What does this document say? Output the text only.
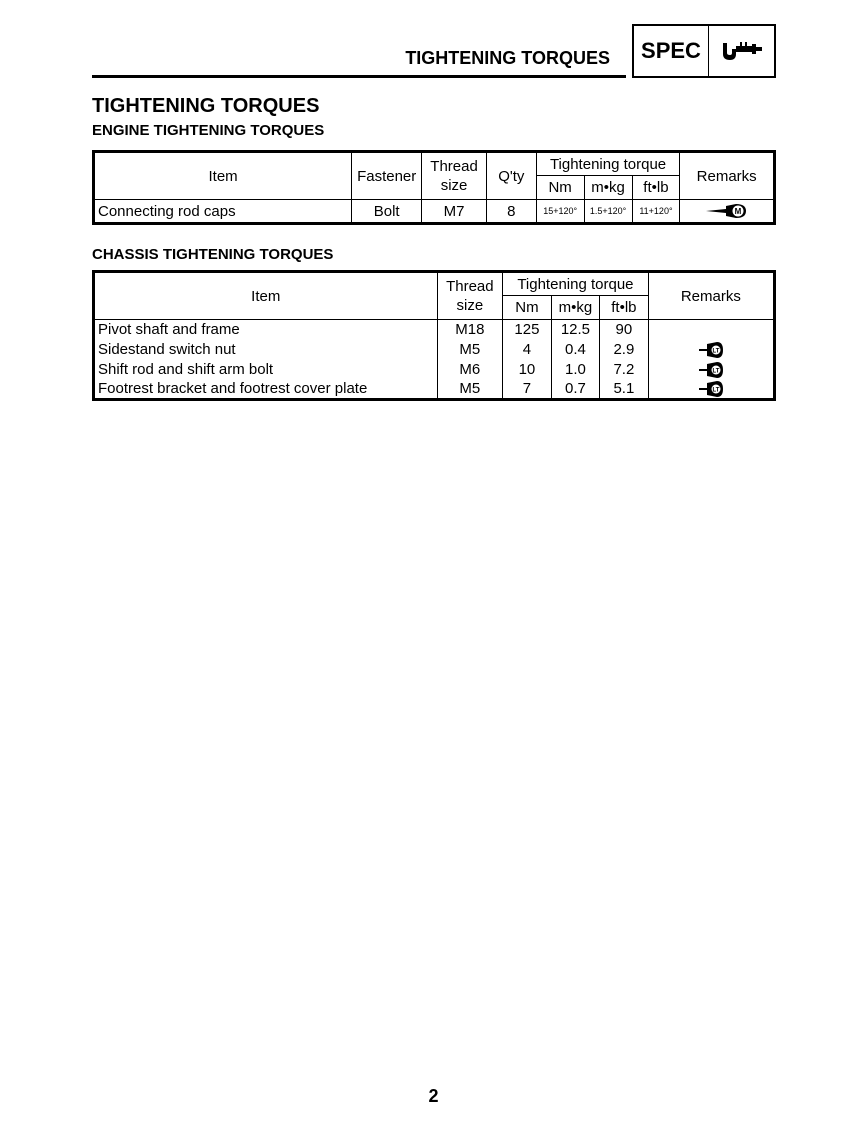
TIGHTENING TORQUES	SPEC
TIGHTENING TORQUES
ENGINE TIGHTENING TORQUES
Item	Fastener	Thread size	Q'ty	Tightening torque			Remarks
				Nm	m•kg	ft•lb	
Connecting rod caps	Bolt	M7	8	15+120°	1.5+120°	11+120°	M
CHASSIS TIGHTENING TORQUES
Item	Thread size	Tightening torque			Remarks
		Nm	m•kg	ft•lb	
Pivot shaft and frame	M18	125	12.5	90	
Sidestand switch nut	M5	4	0.4	2.9	LT

Shift rod and shift arm bolt	M6	10	1.0	7.2	LT

Footrest bracket and footrest cover plate	M5	7	0.7	5.1	LT
2
